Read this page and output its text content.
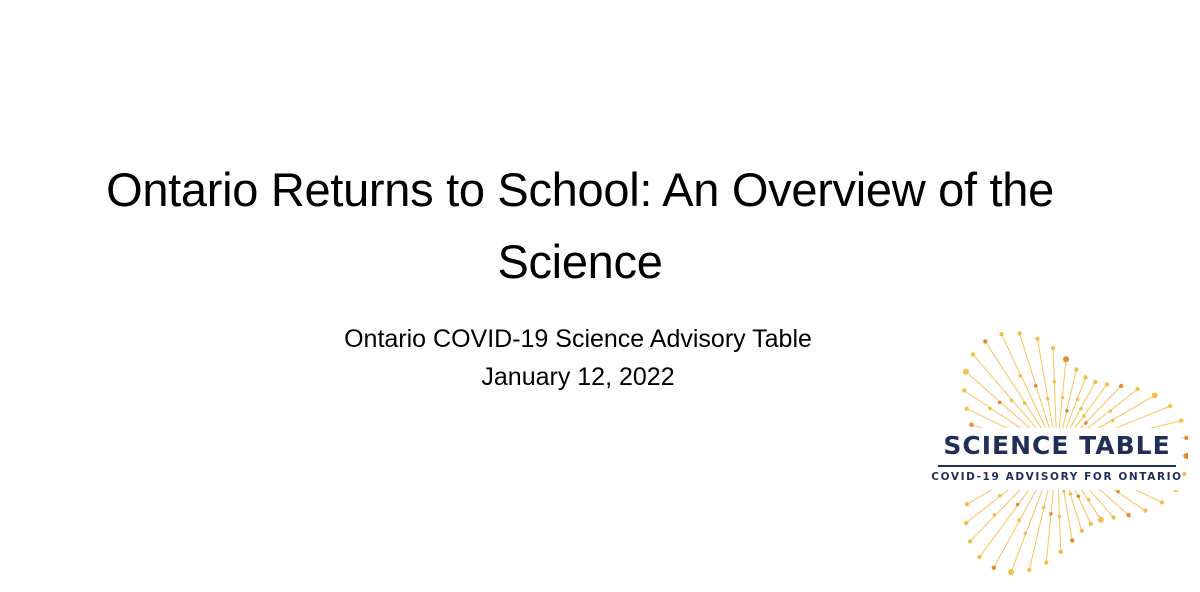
Ontario Returns to School: An Overview of the Science
Ontario COVID-19 Science Advisory Table
January 12, 2022
SCIENCE TABLE
COVID-19 ADVISORY FOR ONTARIO
